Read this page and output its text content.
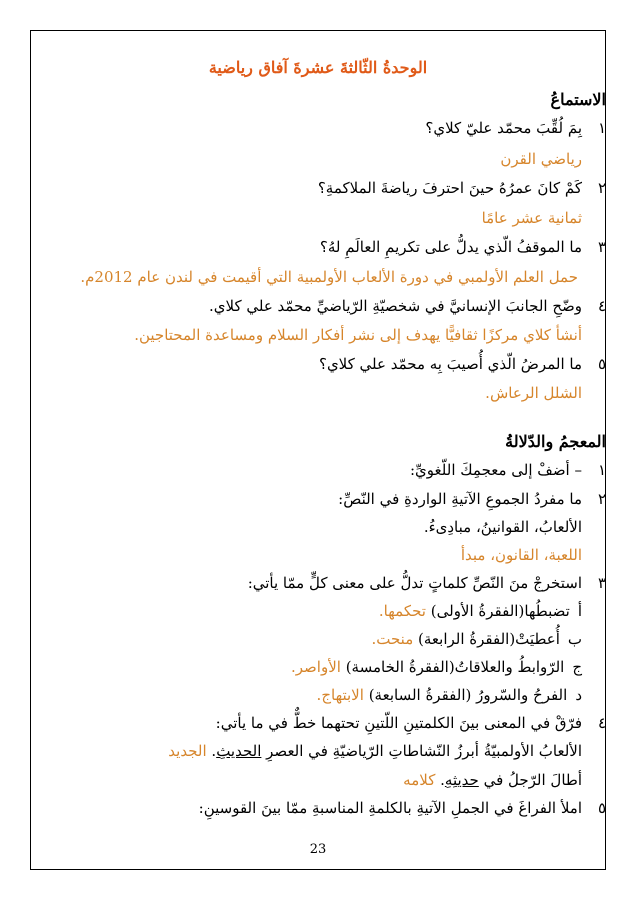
الوحدةُ الثّالثةَ عشرةَ آفاق رياضية
الاستماعُ
١بِمَ لُقِّبَ محمّد عليّ كلاي؟
رياضي القرن
٢كَمْ كانَ عمرُهُ حينَ احترفَ رياضةَ الملاكمةِ؟
ثمانية عشر عامًا
٣ما الموقفُ الّذي يدلُّ على تكريمِ العالَمِ لهُ؟
حمل العلم الأولمبي في دورة الألعاب الأولمبية التي أقيمت في لندن عام 2012م.
٤وضّحِ الجانبَ الإنسانيَّ في شخصيّةِ الرّياضيِّ محمّد علي كلاي.
أنشأ كلاي مركزًا ثقافيًّا يهدف إلى نشر أفكار السلام ومساعدة المحتاجين.
٥ما المرضُ الّذي أُصيبَ بِه محمّد علي كلاي؟
الشلل الرعاش.
المعجمُ والدّلالةُ
١– أضفْ إلى معجمِكَ اللّغويِّ:
٢ما مفردُ الجموعِ الآتيةِ الواردةِ في النّصِّ:
الألعابُ، القوانينُ، مبادِىءُ.
اللعبة، القانون، مبدأ
٣استخرجْ منَ النّصِّ كلماتٍ تدلُّ على معنى كلٍّ ممّا يأتي:
أتضبطُها(الفقرةُ الأولى) تحكمها.
بأُعطيَتْ(الفقرةُ الرابعة) منحت.
جالرّوابطُ والعلاقاتُ(الفقرةُ الخامسة) الأواصر.
دالفرحُ والسّرورُ (الفقرةُ السابعة) الابتهاج.
٤فرّقْ في المعنى بينَ الكلمتينِ اللّتينِ تحتهما خطٌّ في ما يأتي:
الألعابُ الأولمبيّةُ أبرزُ النّشاطاتِ الرّياضيّةِ في العصرِ الحديثِ. الجديد
أطالَ الرّجلُ في حديثِهِ. كلامه
٥املأ الفراغَ في الجملِ الآتيةِ بالكلمةِ المناسبةِ ممّا بينَ القوسينِ:
23
